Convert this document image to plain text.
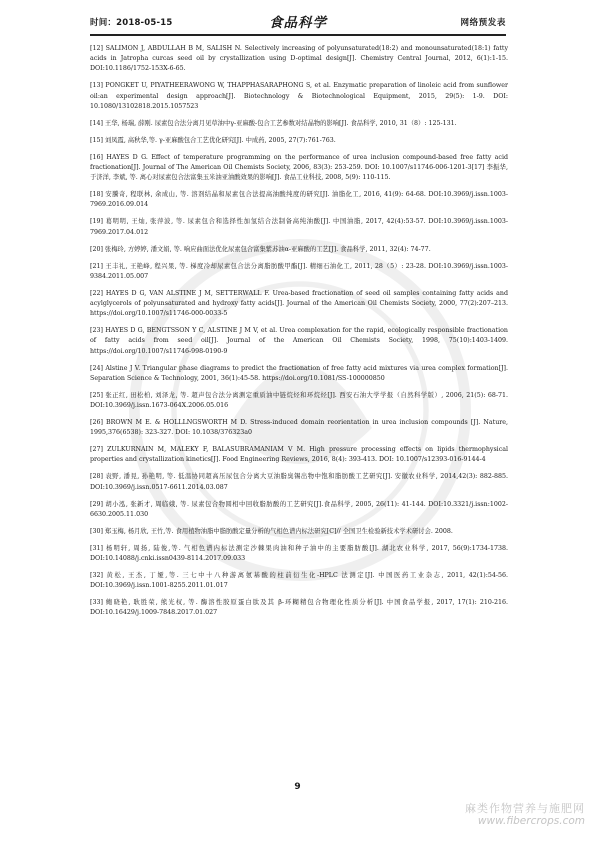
时间：2018-05-15	食品科学	网络预发表

[12] SALIMON J, ABDULLAH B M, SALISH N. Selectively increasing of polyunsaturated(18:2) and monounsaturated(18:1) fatty acids in Jatropha curcas seed oil by crystallization using D-optimal design[J]. Chemistry Central Journal, 2012, 6(1):1-15. DOI:10.1186/1752-153X-6-65.

[13] PONGKET U, PIYATHEERAWONG W, THAPPHASARAPHONG S, et al. Enzymatic preparation of linoleic acid from sunflower oil:an experimental design approach[J]. Biotechnology & Biotechnological Equipment, 2015, 29(5): 1-9. DOI: 10.1080/13102818.2015.1057523

[14] 王华, 杨瑞, 薛刚. 尿素包合法分离月见草油中γ-亚麻酸-包合工艺参数对结晶物的影响[J]. 食品科学, 2010, 31（8）: 125-131.

[15] 刘凤霞, 高秋华,等. γ-亚麻酸包合工艺优化研究[J]. 中成药, 2005, 27(7):761-763.

[16] HAYES D G. Effect of temperature programming on the performance of urea inclusion compound-based free fatty acid fractionation[J]. Journal of The American Oil Chemists Society, 2006, 83(3): 253-259. DOI: 10.1007/s11746-006-1201-3[17] 李振华, 于济洋, 李斌, 等. 离心对尿素包合法富集玉米油亚油酸效果的影响[J]. 食品工业科技, 2008, 5(9): 110-115.

[18] 安騰奇, 程联林, 余成山, 等. 溶剂结晶和尿素包合法提高油酸纯度的研究[J]. 油脂化工, 2016, 41(9): 64-68. DOI:10.3969/j.issn.1003-7969.2016.09.014

[19] 葛明明, 王灿, 张萍波, 等. 尿素包合和选择性加氢结合法制备高纯油酸[J]. 中国油脂, 2017, 42(4):53-57. DOI:10.3969/j.issn.1003-7969.2017.04.012

[20] 张梅玲, 方婷婷, 潘文娟, 等. 响应曲面法优化尿素包合富集紫苏油α-亚麻酸的工艺[J]. 食品科学, 2011, 32(4): 74-77.

[21] 王丰礼, 王艳峰, 程兴果, 等. 梯度冷却尿素包合法分离脂肪酸甲酯[J]. 精细石油化工, 2011, 28（5）: 23-28. DOI:10.3969/j.issn.1003-9384.2011.05.007

[22] HAYES D G, VAN ALSTINE J M, SETTERWALL F. Urea-based fractionation of seed oil samples containing fatty acids and acylglycerols of polyunsaturated and hydroxy fatty acids[J]. Journal of the American Oil Chemists Society, 2000, 77(2):207–213. https://doi.org/10.1007/s11746-000-0033-5

[23] HAYES D G, BENGTSSON Y C, ALSTINE J M V, et al. Urea complexation for the rapid, ecologically responsible fractionation of fatty acids from seed oil[J]. Journal of the American Oil Chemists Society, 1998, 75(10):1403-1409. https://doi.org/10.1007/s11746-998-0190-9

[24] Alstine J V. Triangular phase diagrams to predict the fractionation of free fatty acid mixtures via urea complex formation[J]. Separation Science & Technology, 2001, 36(1):45-58. https://doi.org/10.1081/SS-100000850

[25] 张正红, 田松柏, 刘泽龙, 等. 超声包合法分离测定重质油中链烷烃和环烷烃[J]. 西安石油大学学报（自然科学版）, 2006, 21(5): 68-71. DOI:10.3969/j.issn.1673-064X.2006.05.016

[26] BROWN M E. & HOLLLNGSWORTH M D. Stress-induced domain reorientation in urea inclusion compounds [J]. Nature, 1995,376(6538): 323-327. DOI: 10.1038/376323a0

[27] ZULKURNAIN M, MALEKY F, BALASUBRAMANIAM V M. High pressure processing effects on lipids thermophysical properties and crystallization kinetics[J]. Food Engineering Reviews, 2016, 8(4): 393-413. DOI: 10.1007/s12393-016-9144-4

[28] 袁野, 潘見, 孙艳明, 等. 低温协同超高压尿包合分离大豆油脂臭锡出物中饱和脂肪酸工艺研究[J]. 安徽农业科学, 2014,42(3): 882-885. DOI:10.3969/j.issn.0517-6611.2014.03.087

[29] 胡小泓, 张新才, 周临娥, 等. 尿素包合物圆相中回收脂肪酸的工艺研究[J].食品科学, 2005, 26(11): 41-144. DOI:10.3321/j.issn:1002-6630.2005.11.030

[30] 郑玉梅, 杨月欣, 王竹,等. 食用植物油脂中脂肪酸定量分析的气相色谱内标法研究[C]// 全国卫生检验新技术学术研讨会. 2008.

[31] 杨明轩, 周扬, 陆俊,等. 气相色谱内标法测定沙棘果肉油和种子油中的主要脂肪酸[J]. 湖北农业科学, 2017, 56(9):1734-1738. DOI:10.14088/j.cnki.issn0439-8114.2017.09.033

[32] 黄松, 王杰, 丁娅,等. 三七中十八种游离氨基酸的柱前衍生化-HPLC 法测定[J]. 中国医药工业杂志, 2011, 42(1):54-56. DOI:10.3969/j.issn.1001-8255.2011.01.017

[33] 鲍晓艳, 耿胜荣, 熊光权, 等. 酶溶性胶原蛋白肽及其 β-环糊精包合物理化性质分析[J]. 中国食品学报, 2017, 17(1): 210-216. DOI:10.16429/j.1009-7848.2017.01.027

9
麻类作物营养与施肥网
www.fibercrops.com
